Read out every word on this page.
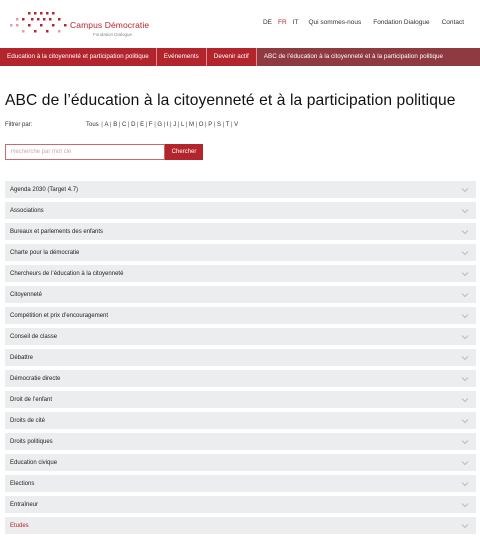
Campus Démocratie
Fondation Dialogue
DE FR IT Qui sommes-nous Fondation Dialogue Contact
Education à la citoyenneté et participation politique	Evénements	Devenir actif	ABC de l’éducation à la citoyenneté et à la participation politique
ABC de l’éducation à la citoyenneté et à la participation politique
Filtrer par:	Tous | A | B | C | D | E | F | G | I | J | L | M | O | P | S | T | V
Recherche par mot clé
Chercher
Agenda 2030 (Target 4.7)
Associations
Bureaux et parlements des enfants
Charte pour la démocratie
Chercheurs de l’éducation à la citoyenneté
Citoyenneté
Compétition et prix d’encouragement
Conseil de classe
Débattre
Démocratie directe
Droit de l’enfant
Droits de cité
Droits politiques
Education civique
Elections
Entraîneur
Etudes
